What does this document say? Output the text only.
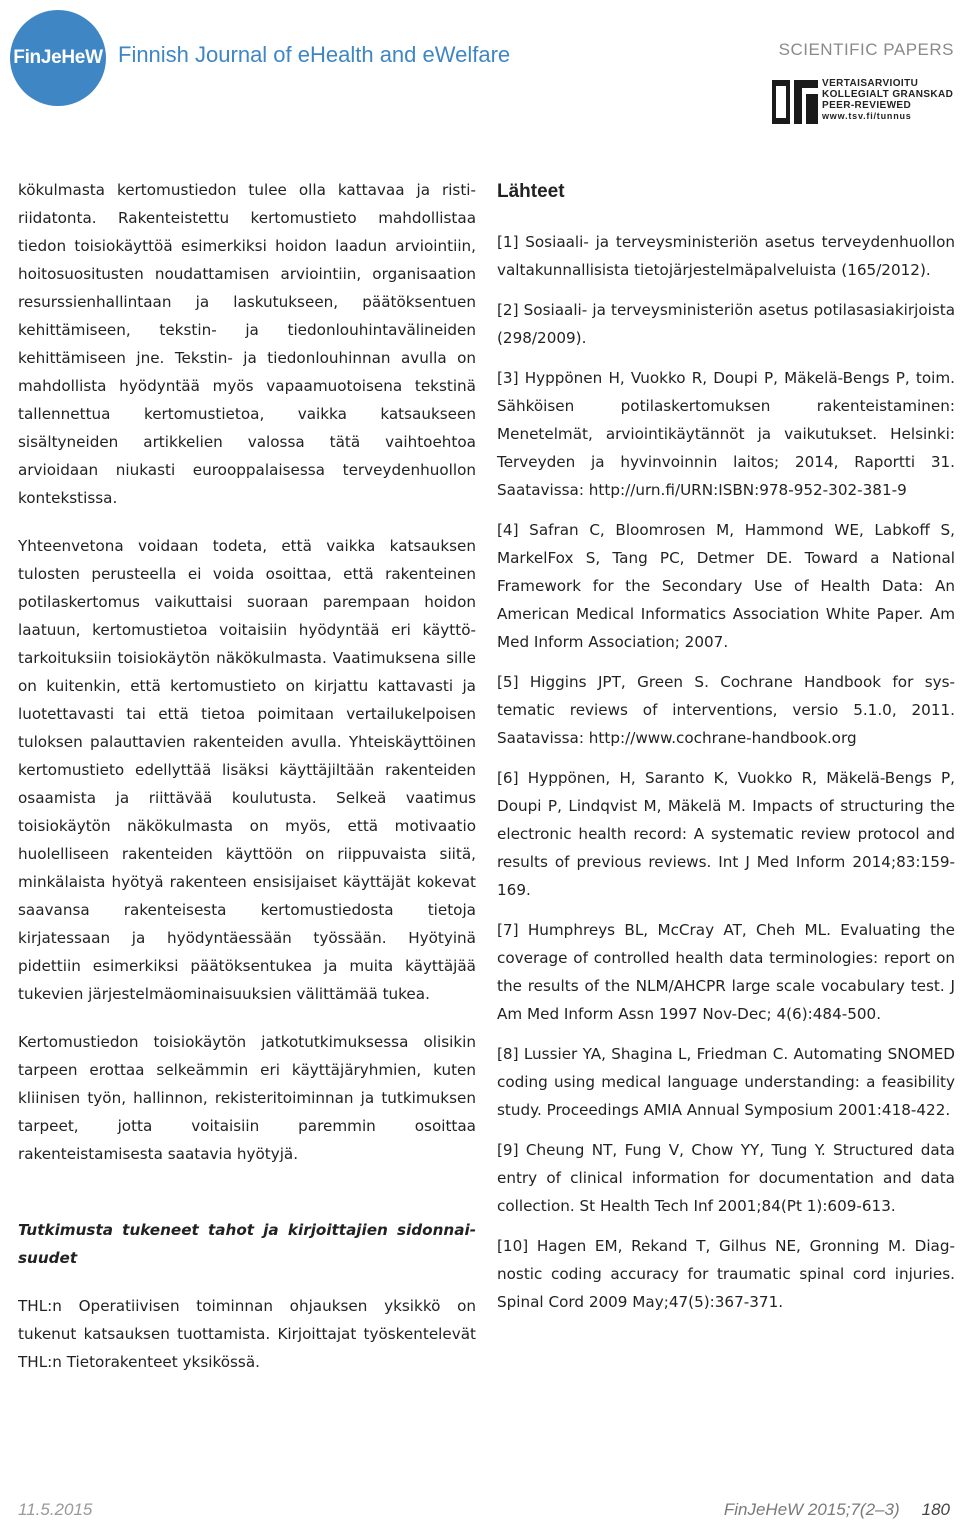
FinJeHeW Finnish Journal of eHealth and eWelfare	SCIENTIFIC PAPERS
VERTAISARVIOITU
KOLLEGIALT GRANSKAD
PEER-REVIEWED
www.tsv.fi/tunnus

kökulmasta kertomustiedon tulee olla kattavaa ja ristiriidatonta. Rakenteistettu kertomustieto mahdollistaa tiedon toisiokäyttöä esimerkiksi hoidon laadun arviointiin, hoitosuositusten noudattamisen arviointiin, organisaation resurssienhallintaan ja laskutukseen, päätöksentuen kehittämiseen, tekstin- ja tiedonlouhintavälineiden kehittämiseen jne. Tekstin- ja tiedonlouhinnan avulla on mahdollista hyödyntää myös vapaamuotoisena tekstinä tallennettua kertomustietoa, vaikka katsaukseen sisältyneiden artikkelien valossa tätä vaihtoehtoa arvioidaan niukasti eurooppalaisessa terveydenhuollon kontekstissa.

Yhteenvetona voidaan todeta, että vaikka katsauksen tulosten perusteella ei voida osoittaa, että rakenteinen potilaskertomus vaikuttaisi suoraan parempaan hoidon laatuun, kertomustietoa voitaisiin hyödyntää eri käyttötarkoituksiin toisiokäytön näkökulmasta. Vaatimuksena sille on kuitenkin, että kertomustieto on kirjattu kattavasti ja luotettavasti tai että tietoa poimitaan vertailukelpoisen tuloksen palauttavien rakenteiden avulla. Yhteiskäyttöinen kertomustieto edellyttää lisäksi käyttäjiltään rakenteiden osaamista ja riittävää koulutusta. Selkeä vaatimus toisiokäytön näkökulmasta on myös, että motivaatio huolelliseen rakenteiden käyttöön on riippuvaista siitä, minkälaista hyötyä rakenteen ensisijaiset käyttäjät kokevat saavansa rakenteisesta kertomustiedosta tietoja kirjatessaan ja hyödyntäessään työssään. Hyötyinä pidettiin esimerkiksi päätöksentukea ja muita käyttäjää tukevien järjestelmäominaisuuksien välittämää tukea.

Kertomustiedon toisiokäytön jatkotutkimuksessa olisikin tarpeen erottaa selkeämmin eri käyttäjäryhmien, kuten kliinisen työn, hallinnon, rekisteritoiminnan ja tutkimuksen tarpeet, jotta voitaisiin paremmin osoittaa rakenteistamisesta saatavia hyötyjä.

Tutkimusta tukeneet tahot ja kirjoittajien sidonnaisuudet

THL:n Operatiivisen toiminnan ohjauksen yksikkö on tukenut katsauksen tuottamista. Kirjoittajat työskentelevät THL:n Tietorakenteet yksikössä.

Lähteet

[1] Sosiaali- ja terveysministeriön asetus terveydenhuollon valtakunnallisista tietojärjestelmäpalveluista (165/2012).

[2] Sosiaali- ja terveysministeriön asetus potilasasiakirjoista (298/2009).

[3] Hyppönen H, Vuokko R, Doupi P, Mäkelä-Bengs P, toim. Sähköisen potilaskertomuksen rakenteistaminen: Menetelmät, arviointikäytännöt ja vaikutukset. Helsinki: Terveyden ja hyvinvoinnin laitos; 2014, Raportti 31. Saatavissa: http://urn.fi/URN:ISBN:978-952-302-381-9

[4] Safran C, Bloomrosen M, Hammond WE, Labkoff S, MarkelFox S, Tang PC, Detmer DE. Toward a National Framework for the Secondary Use of Health Data: An American Medical Informatics Association White Paper. Am Med Inform Association; 2007.

[5] Higgins JPT, Green S. Cochrane Handbook for systematic reviews of interventions, versio 5.1.0, 2011. Saatavissa: http://www.cochrane-handbook.org

[6] Hyppönen, H, Saranto K, Vuokko R, Mäkelä-Bengs P, Doupi P, Lindqvist M, Mäkelä M. Impacts of structuring the electronic health record: A systematic review protocol and results of previous reviews. Int J Med Inform 2014;83:159-169.

[7] Humphreys BL, McCray AT, Cheh ML. Evaluating the coverage of controlled health data terminologies: report on the results of the NLM/AHCPR large scale vocabulary test. J Am Med Inform Assn 1997 Nov-Dec; 4(6):484-500.

[8] Lussier YA, Shagina L, Friedman C. Automating SNOMED coding using medical language understanding: a feasibility study. Proceedings AMIA Annual Symposium 2001:418-422.

[9] Cheung NT, Fung V, Chow YY, Tung Y. Structured data entry of clinical information for documentation and data collection. St Health Tech Inf 2001;84(Pt 1):609-613.

[10] Hagen EM, Rekand T, Gilhus NE, Gronning M. Diagnostic coding accuracy for traumatic spinal cord injuries. Spinal Cord 2009 May;47(5):367-371.

11.5.2015	FinJeHeW 2015;7(2–3) 180
